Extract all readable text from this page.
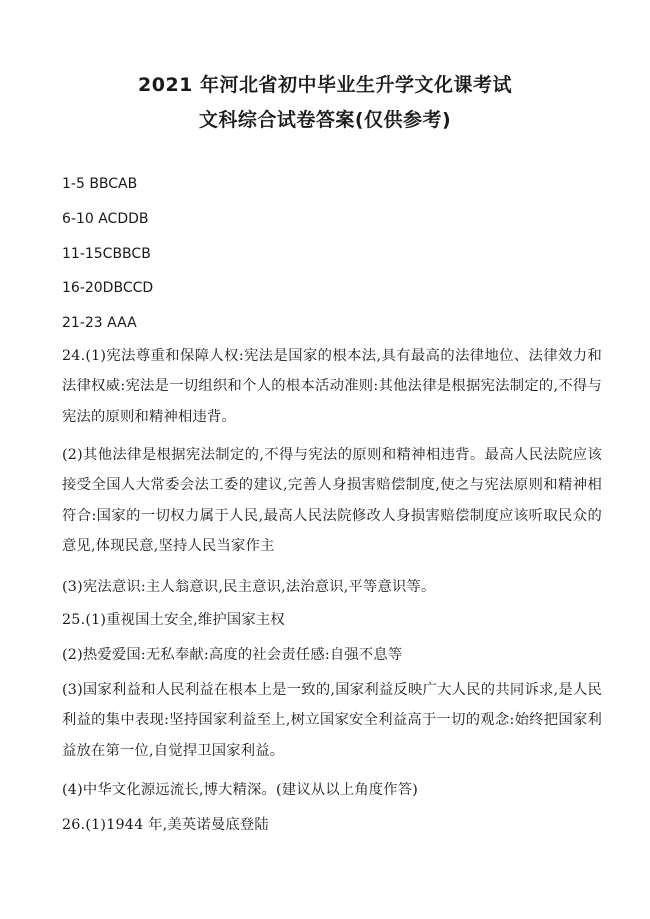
2021 年河北省初中毕业生升学文化课考试
文科综合试卷答案(仅供参考)
1-5 BBCAB
6-10 ACDDB
11-15CBBCB
16-20DBCCD
21-23 AAA
24.(1)宪法尊重和保障人权:宪法是国家的根本法,具有最高的法律地位、法律效力和法律权威:宪法是一切组织和个人的根本活动准则:其他法律是根据宪法制定的,不得与宪法的原则和精神相违背。
(2)其他法律是根据宪法制定的,不得与宪法的原则和精神相违背。最高人民法院应该接受全国人大常委会法工委的建议,完善人身损害赔偿制度,使之与宪法原则和精神相符合:国家的一切权力属于人民,最高人民法院修改人身损害赔偿制度应该听取民众的意见,体现民意,坚持人民当家作主
(3)宪法意识:主人翁意识,民主意识,法治意识,平等意识等。
25.(1)重视国土安全,维护国家主权
(2)热爱爱国:无私奉献:高度的社会责任感:自强不息等
(3)国家利益和人民利益在根本上是一致的,国家利益反映广大人民的共同诉求,是人民利益的集中表现:坚持国家利益至上,树立国家安全利益高于一切的观念:始终把国家利益放在第一位,自觉捍卫国家利益。
(4)中华文化源远流长,博大精深。(建议从以上角度作答)
26.(1)1944 年,美英诺曼底登陆
